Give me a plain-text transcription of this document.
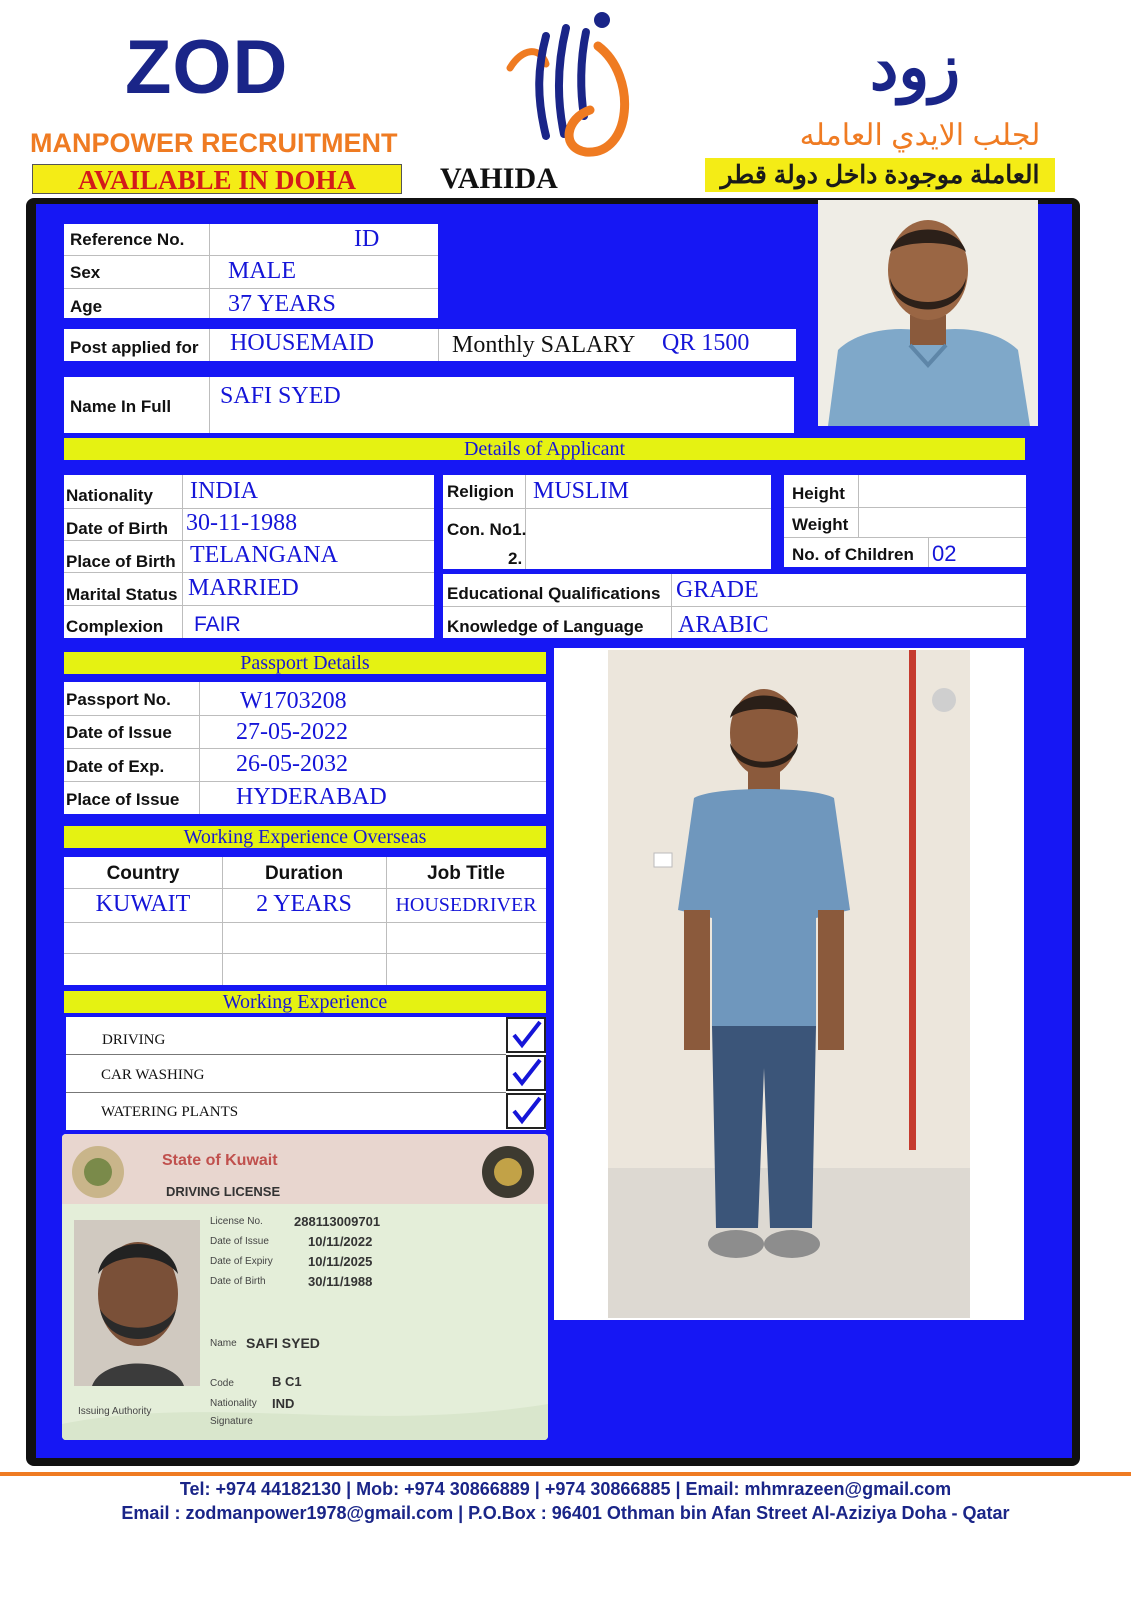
ZOD
MANPOWER RECRUITMENT
AVAILABLE IN DOHA	VAHIDA
زود
لجلب الايدي العامله
العاملة موجودة داخل دولة قطر
Reference No.	ID
Sex	MALE
Age	37 YEARS
Post applied for HOUSEMAID	Monthly SALARY QR 1500
Name In Full SAFI SYED
Details of Applicant
Nationality INDIA
Date of Birth 30-11-1988
Place of Birth TELANGANA
Marital Status MARRIED
Complexion FAIR
Religion MUSLIM
Con. No1.
2.
Height
Weight
No. of Children 02
Educational Qualifications GRADE
Knowledge of Language ARABIC
Passport Details
Passport No.	W1703208
Date of Issue	27-05-2022
Date of Exp.	26-05-2032
Place of Issue HYDERABAD
Working Experience Overseas
Country	Duration	Job Title
KUWAIT	2 YEARS	HOUSEDRIVER
Working Experience
DRIVING
CAR WASHING
WATERING PLANTS
State of Kuwait
DRIVING LICENSE
License No. 288113009701
Date of Issue	10/11/2022
Date of Expiry	10/11/2025
Date of Birth	30/11/1988
Name SAFI SYED
Code	B C1
Nationality IND
Signature
Issuing Authority
Tel: +974 44182130 | Mob: +974 30866889 | +974 30866885 | Email: mhmrazeen@gmail.com
Email : zodmanpower1978@gmail.com | P.O.Box : 96401 Othman bin Afan Street Al-Aziziya Doha - Qatar
